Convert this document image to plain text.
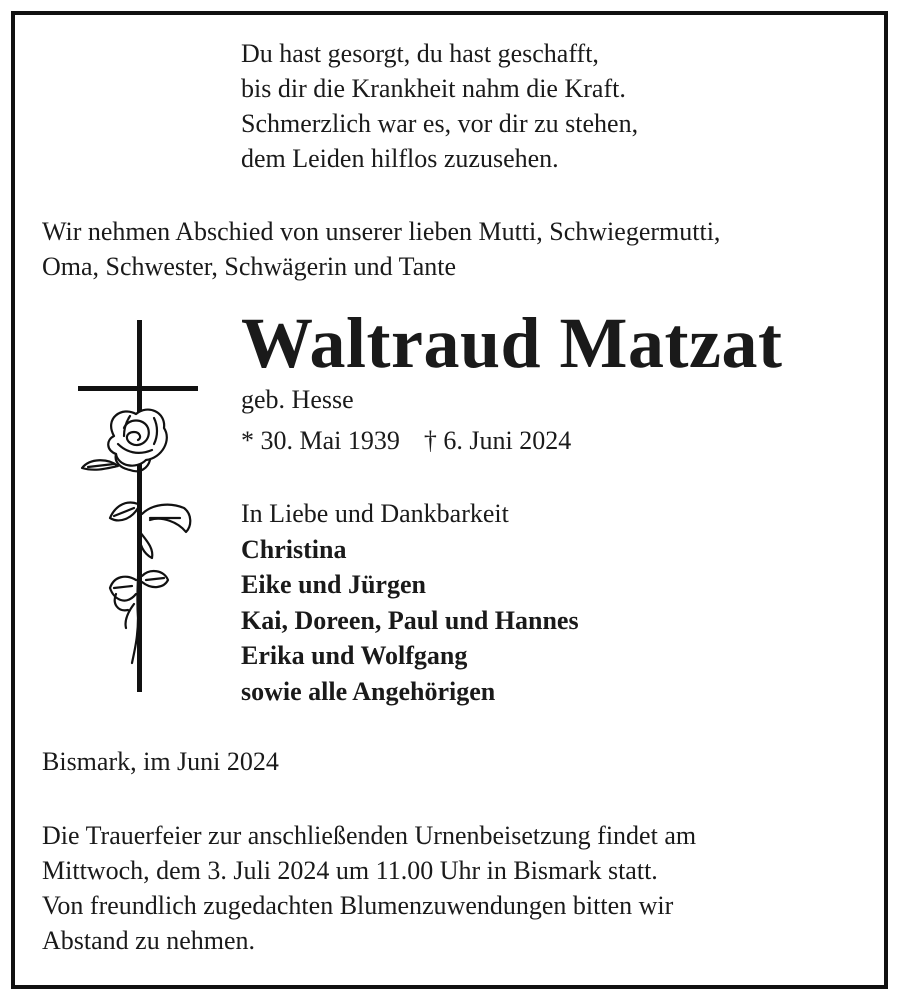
Du hast gesorgt, du hast geschafft,
bis dir die Krankheit nahm die Kraft.
Schmerzlich war es, vor dir zu stehen,
dem Leiden hilflos zuzusehen.
Wir nehmen Abschied von unserer lieben Mutti, Schwiegermutti,
Oma, Schwester, Schwägerin und Tante
Waltraud Matzat
geb. Hesse
* 30. Mai 1939 † 6. Juni 2024
In Liebe und Dankbarkeit
Christina
Eike und Jürgen
Kai, Doreen, Paul und Hannes
Erika und Wolfgang
sowie alle Angehörigen
Bismark, im Juni 2024

Die Trauerfeier zur anschließenden Urnenbeisetzung findet am

Mittwoch, dem 3. Juli 2024 um 11.00 Uhr in Bismark statt.

Von freundlich zugedachten Blumenzuwendungen bitten wir

Abstand zu nehmen.
